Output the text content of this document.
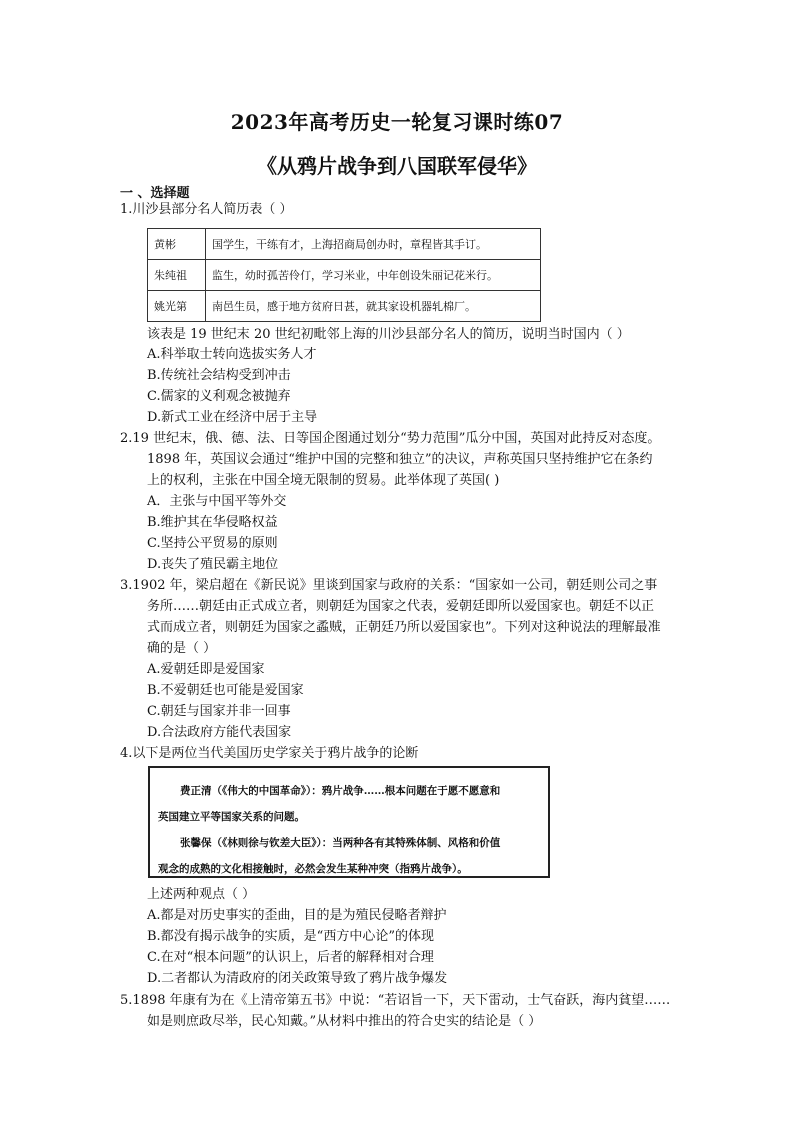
2023年高考历史一轮复习课时练07
《从鸦片战争到八国联军侵华》
一 、选择题
1.川沙县部分名人简历表（ ）
黄彬	国学生，干练有才，上海招商局创办时，章程皆其手订。
朱纯祖	监生，幼时孤苦伶仃，学习米业，中年创设朱丽记花米行。
姚光第	南邑生员，感于地方贫府日甚，就其家设机器轧棉厂。
该表是 19 世纪末 20 世纪初毗邻上海的川沙县部分名人的简历，说明当时国内（ ）
A.科举取士转向选拔实务人才
B.传统社会结构受到冲击
C.儒家的义利观念被抛弃
D.新式工业在经济中居于主导
2.19 世纪末，俄、德、法、日等国企图通过划分“势力范围”瓜分中国，英国对此持反对态度。
1898 年，英国议会通过“维护中国的完整和独立”的决议，声称英国只坚持维护它在条约
上的权利，主张在中国全境无限制的贸易。此举体现了英国( )
A．主张与中国平等外交
B.维护其在华侵略权益
C.坚持公平贸易的原则
D.丧失了殖民霸主地位
3.1902 年，梁启超在《新民说》里谈到国家与政府的关系：“国家如一公司，朝廷则公司之事
务所……朝廷由正式成立者，则朝廷为国家之代表，爱朝廷即所以爱国家也。朝廷不以正
式而成立者，则朝廷为国家之蟊贼，正朝廷乃所以爱国家也”。下列对这种说法的理解最准
确的是（ ）
A.爱朝廷即是爱国家
B.不爱朝廷也可能是爱国家
C.朝廷与国家并非一回事
D.合法政府方能代表国家
4.以下是两位当代美国历史学家关于鸦片战争的论断
费正清（《伟大的中国革命》）：鸦片战争……根本问题在于愿不愿意和
英国建立平等国家关系的问题。
张馨保（《林则徐与钦差大臣》）：当两种各有其特殊体制、风格和价值
观念的成熟的文化相接触时，必然会发生某种冲突（指鸦片战争）。
上述两种观点（ ）
A.都是对历史事实的歪曲，目的是为殖民侵略者辩护
B.都没有揭示战争的实质，是“西方中心论”的体现
C.在对“根本问题”的认识上，后者的解释相对合理
D.二者都认为清政府的闭关政策导致了鸦片战争爆发
5.1898 年康有为在《上清帝第五书》中说：“若诏旨一下，天下雷动，士气奋跃，海内貧望……
如是则庶政尽举，民心知戴。”从材料中推出的符合史实的结论是（ ）
